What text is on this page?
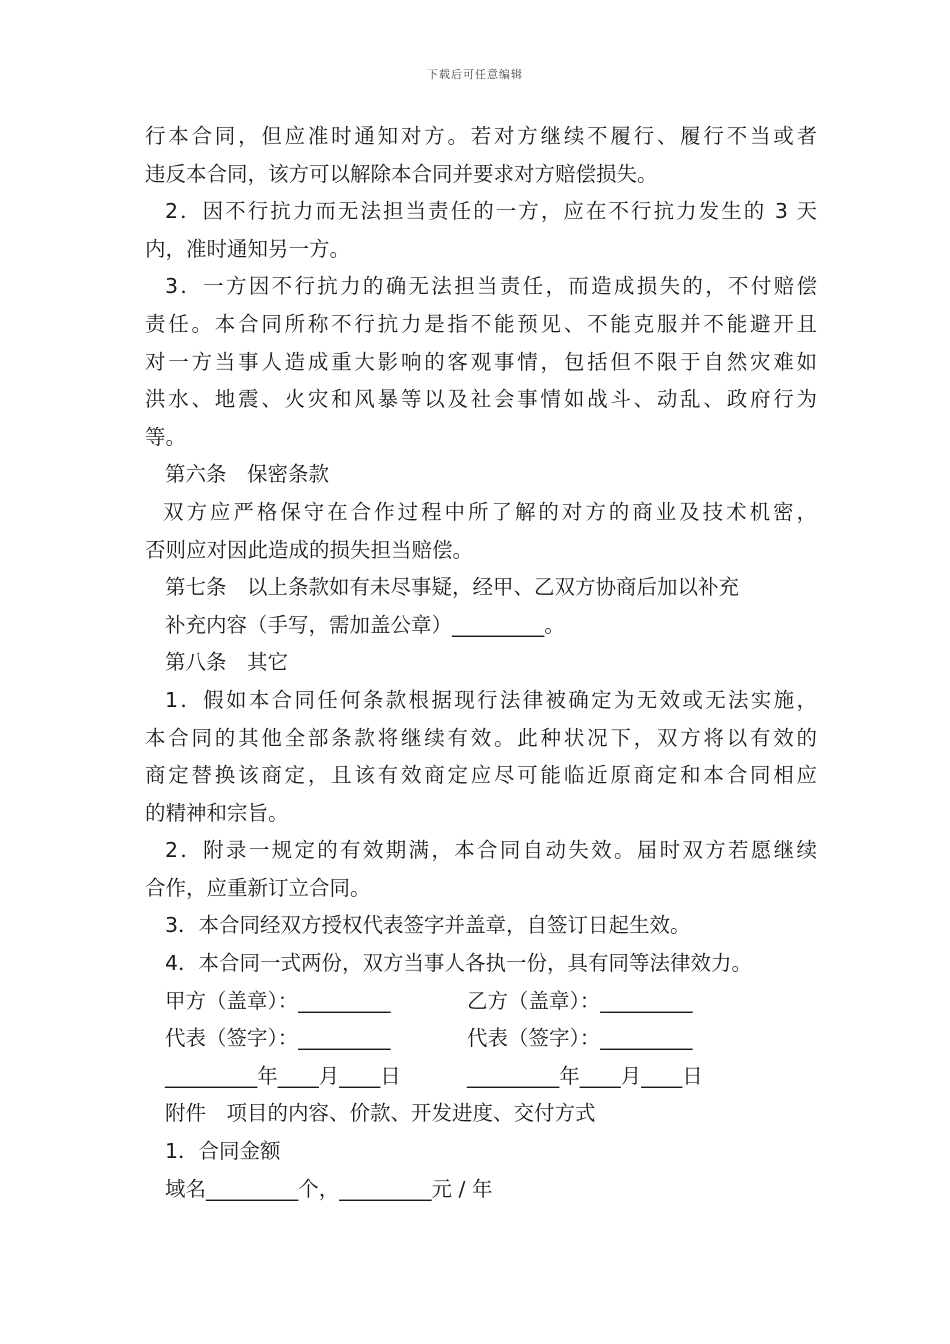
下载后可任意编辑
行本合同，但应准时通知对方。若对方继续不履行、履行不当或者
违反本合同，该方可以解除本合同并要求对方赔偿损失。
2．因不行抗力而无法担当责任的一方，应在不行抗力发生的 3 天
内，准时通知另一方。
3．一方因不行抗力的确无法担当责任，而造成损失的，不付赔偿
责任。本合同所称不行抗力是指不能预见、不能克服并不能避开且
对一方当事人造成重大影响的客观事情，包括但不限于自然灾难如
洪水、地震、火灾和风暴等以及社会事情如战斗、动乱、政府行为
等。
第六条　保密条款
双方应严格保守在合作过程中所了解的对方的商业及技术机密，
否则应对因此造成的损失担当赔偿。
第七条　以上条款如有未尽事疑，经甲、乙双方协商后加以补充
补充内容（手写，需加盖公章）_________。
第八条　其它
1．假如本合同任何条款根据现行法律被确定为无效或无法实施，
本合同的其他全部条款将继续有效。此种状况下，双方将以有效的
商定替换该商定，且该有效商定应尽可能临近原商定和本合同相应
的精神和宗旨。
2．附录一规定的有效期满，本合同自动失效。届时双方若愿继续
合作，应重新订立合同。
3．本合同经双方授权代表签字并盖章，自签订日起生效。
4．本合同一式两份，双方当事人各执一份，具有同等法律效力。
甲方（盖章）：_________	乙方（盖章）：_________
代表（签字）：_________	代表（签字）：_________
_________年____月____日	_________年____月____日
附件　项目的内容、价款、开发进度、交付方式
1．合同金额
域名_________个，_________元 / 年
